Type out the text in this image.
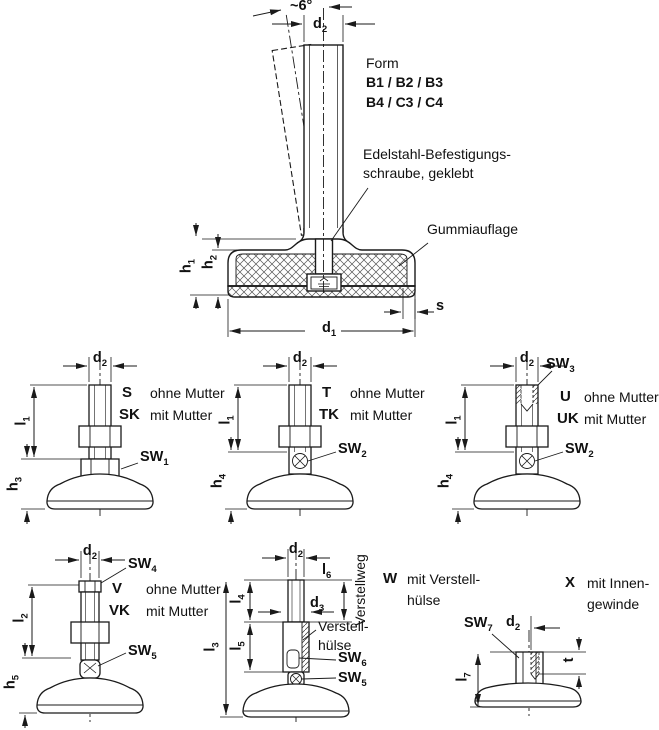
~6°
$d_2$
Form
B1 / B2 / B3
B4 / C3 / C4
Edelstahl-Befestigungs-
schraube, geklebt
Gummiauflage
$h_1$ $h_2$
s
$d_1$
$d_2$
S ohne Mutter
SK mit Mutter
$l_1$
$SW_1$
$h_3$
$d_2$
T ohne Mutter
TK mit Mutter
$l_1$
$SW_2$
$h_4$
$d_2$ $SW_3$
U ohne Mutter
UK mit Mutter
$l_1$
$SW_2$
$h_4$
$d_2$ $SW_4$
V ohne Mutter
VK mit Mutter
$l_2$
$SW_5$
$h_5$
$d_2$
$l_6$ Verstellweg
$d_3$
$l_4$
$l_5$
$l_3$
Verstell-
hülse
$SW_6$
$SW_5$
W mit Verstell-
hülse
X mit Innen-
gewinde
$SW_7$ $d_2$
t
$l_7$
